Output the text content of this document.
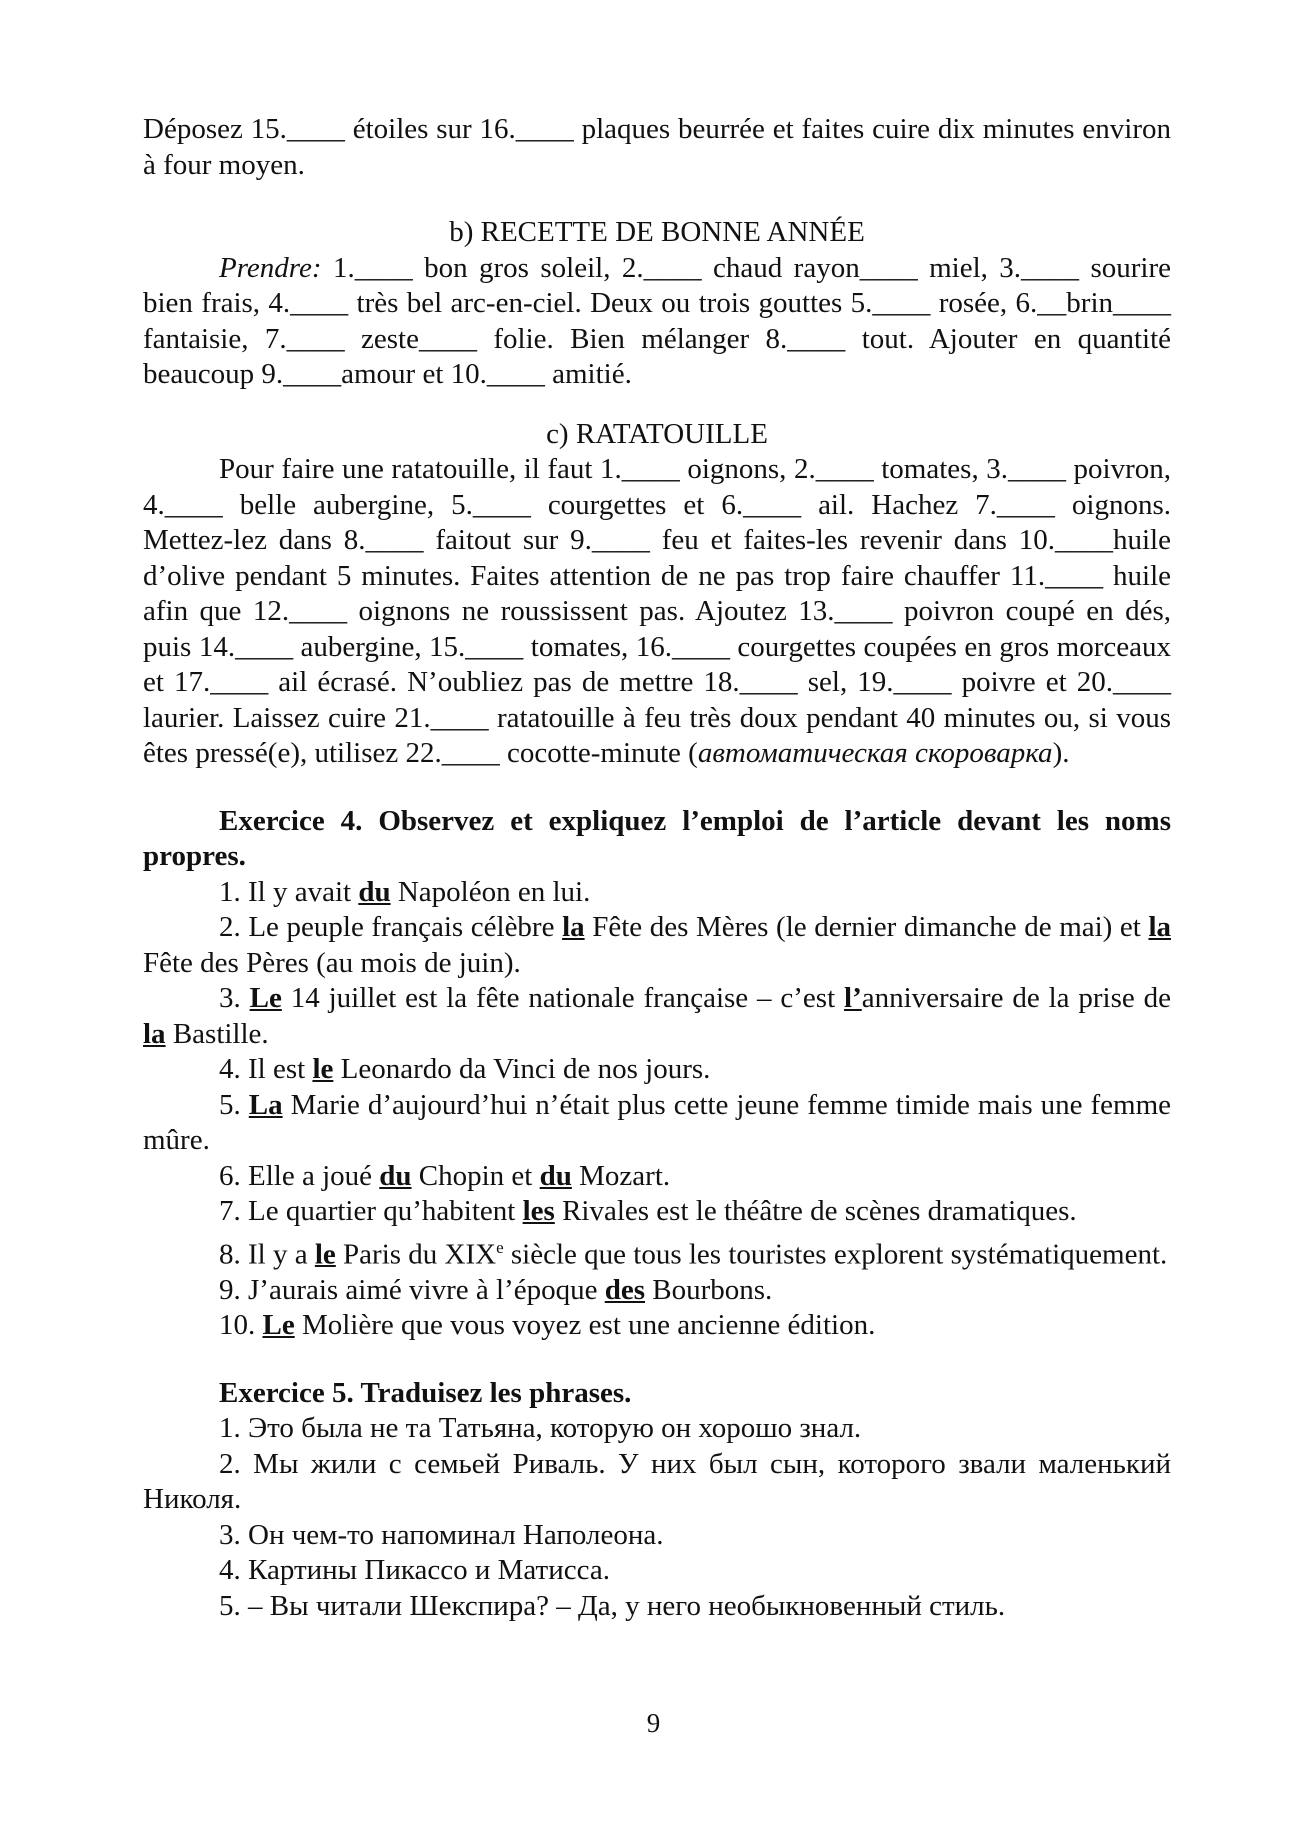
Déposez 15.____ étoiles sur 16.____ plaques beurrée et faites cuire dix minutes environ à four moyen.

b) RECETTE DE BONNE ANNÉE

Prendre: 1.____ bon gros soleil, 2.____ chaud rayon____ miel, 3.____ sourire bien frais, 4.____ très bel arc-en-ciel. Deux ou trois gouttes 5.____ rosée, 6.__brin____ fantaisie, 7.____ zeste____ folie. Bien mélanger 8.____ tout. Ajouter en quantité beaucoup 9.____amour et 10.____ amitié.

c) RATATOUILLE

Pour faire une ratatouille, il faut 1.____ oignons, 2.____ tomates, 3.____ poivron, 4.____ belle aubergine, 5.____ courgettes et 6.____ ail. Hachez 7.____ oignons. Mettez-lez dans 8.____ faitout sur 9.____ feu et faites-les revenir dans 10.____huile d’olive pendant 5 minutes. Faites attention de ne pas trop faire chauffer 11.____ huile afin que 12.____ oignons ne roussissent pas. Ajoutez 13.____ poivron coupé en dés, puis 14.____ aubergine, 15.____ tomates, 16.____ courgettes coupées en gros morceaux et 17.____ ail écrasé. N’oubliez pas de mettre 18.____ sel, 19.____ poivre et 20.____ laurier. Laissez cuire 21.____ ratatouille à feu très doux pendant 40 minutes ou, si vous êtes pressé(e), utilisez 22.____ cocotte-minute (автоматическая скороварка).

Exercice 4. Observez et expliquez l’emploi de l’article devant les noms propres.

1. Il y avait du Napoléon en lui.

2. Le peuple français célèbre la Fête des Mères (le dernier dimanche de mai) et la Fête des Pères (au mois de juin).

3. Le 14 juillet est la fête nationale française – c’est l’anniversaire de la prise de la Bastille.

4. Il est le Leonardo da Vinci de nos jours.

5. La Marie d’aujourd’hui n’était plus cette jeune femme timide mais une femme mûre.

6. Elle a joué du Chopin et du Mozart.

7. Le quartier qu’habitent les Rivales est le théâtre de scènes dramatiques.

8. Il y a le Paris du XIXe siècle que tous les touristes explorent systématiquement.

9. J’aurais aimé vivre à l’époque des Bourbons.

10. Le Molière que vous voyez est une ancienne édition.

Exercice 5. Traduisez les phrases.

1. Это была не та Татьяна, которую он хорошо знал.

2. Мы жили с семьей Риваль. У них был сын, которого звали маленький Николя.

3. Он чем-то напоминал Наполеона.

4. Картины Пикассо и Матисса.

5. – Вы читали Шекспира? – Да, у него необыкновенный стиль.

9
